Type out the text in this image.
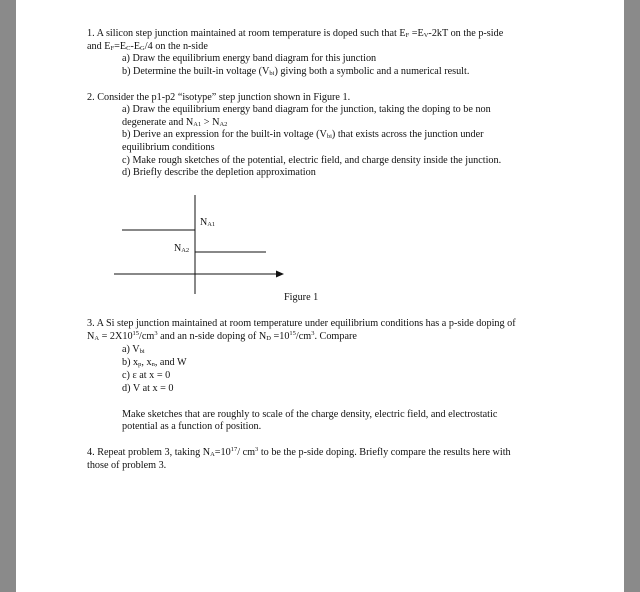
1. A silicon step junction maintained at room temperature is doped such that $E_F =E_V-2kT$ on the p-side
and $E_F=E_C-E_G/4$ on the n-side
a) Draw the equilibrium energy band diagram for this junction
b) Determine the built-in voltage $(V_{bi})$ giving both a symbolic and a numerical result.
2. Consider the p1-p2 “isotype” step junction shown in Figure 1.
a) Draw the equilibrium energy band diagram for the junction, taking the doping to be non
degenerate and $N_{A1} > N_{A2}$
b) Derive an expression for the built-in voltage $(V_{bi})$ that exists across the junction under
equilibrium conditions
c) Make rough sketches of the potential, electric field, and charge density inside the junction.
d) Briefly describe the depletion approximation
$N_{A1}$
$N_{A2}$
Figure 1
3. A Si step junction maintained at room temperature under equilibrium conditions has a p-side doping of
$N_A = 2X10^{15}/cm^3$ and an n-side doping of $N_D =10^{15}/cm^3$. Compare
a) $V_{bi}$
b) $x_p$, $x_n$, and W
c) ε at x = 0
d) V at x = 0
Make sketches that are roughly to scale of the charge density, electric field, and electrostatic
potential as a function of position.
4. Repeat problem 3, taking $N_A=10^{17}/$ $cm^3$ to be the p-side doping. Briefly compare the results here with
those of problem 3.
